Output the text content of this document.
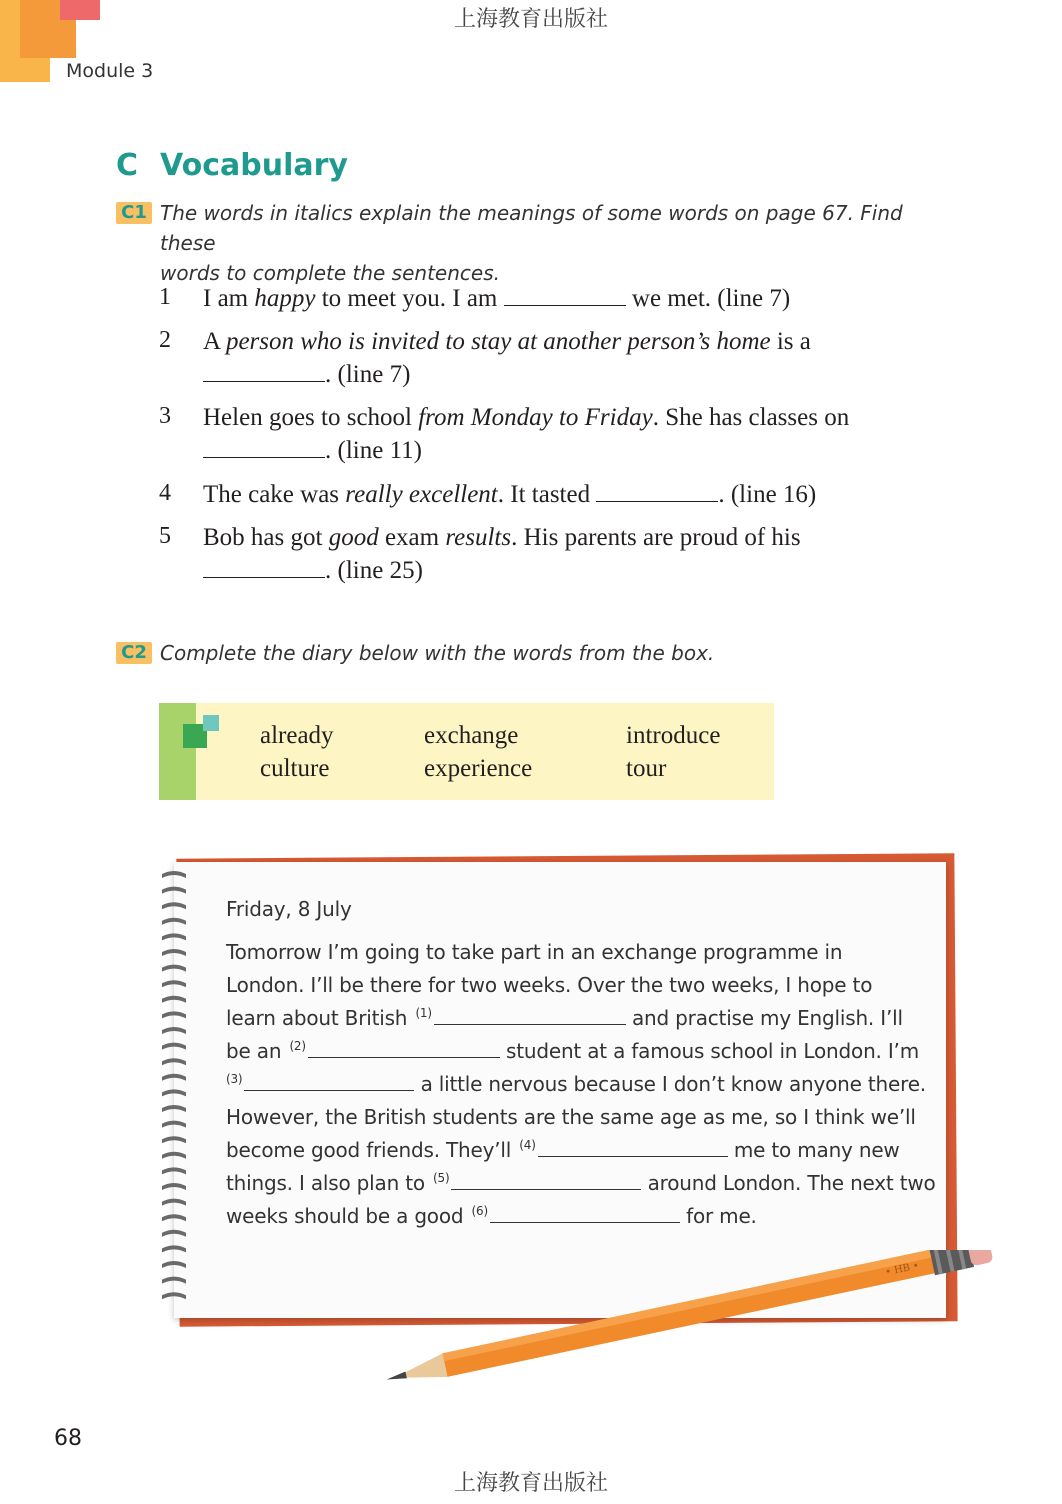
Module 3
上海教育出版社
C Vocabulary
C1 The words in italics explain the meanings of some words on page 67. Find these
words to complete the sentences.
1 I am happy to meet you. I am	we met. (line 7)
2 A person who is invited to stay at another person’s home is a
. (line 7)
3 Helen goes to school from Monday to Friday. She has classes on
. (line 11)
4 The cake was really excellent. It tasted	. (line 16)
5 Bob has got good exam results. His parents are proud of his
. (line 25)
C2 Complete the diary below with the words from the box.
already	exchange	introduce
culture	experience	tour
Friday, 8 July
Tomorrow I’m going to take part in an exchange programme in
London. I’ll be there for two weeks. Over the two weeks, I hope to
learn about British $^{(1)}$	and practise my English. I’ll
be an $^{(2)}$	student at a famous school in London. I’m
$^{(3)}$	a little nervous because I don’t know anyone there.
However, the British students are the same age as me, so I think we’ll
become good friends. They’ll $^{(4)}$	me to many new
things. I also plan to $^{(5)}$	around London. The next two
weeks should be a good $^{(6)}$	for me.
• HB •
68
上海教育出版社
